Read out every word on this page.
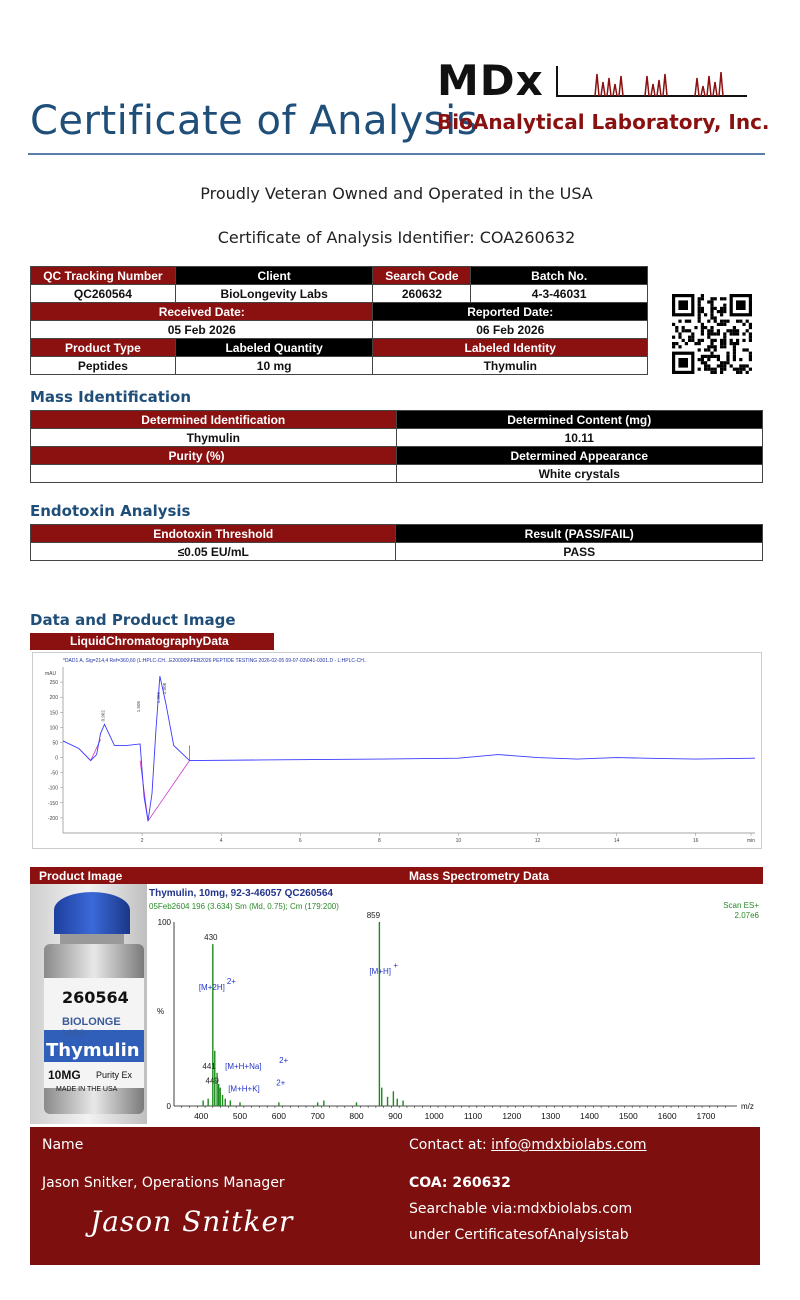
Certificate of Analysis
MDx
BioAnalytical Laboratory, Inc.
Proudly Veteran Owned and Operated in the USA
Certificate of Analysis Identifier: COA260632
QC Tracking Number	Client	Search Code	Batch No.
QC260564	BioLongevity Labs	260632	4-3-46031
Received Date:		Reported Date:	
05 Feb 2026		06 Feb 2026	
Product Type	Labeled Quantity	Labeled Identity	
Peptides	10 mg	Thymulin	
Mass Identification
Determined Identification	Determined Content (mg)
Thymulin	10.11
Purity (%) 99.71	Determined Appearance
	White crystals
Endotoxin Analysis
Endotoxin Threshold	Result (PASS/FAIL)
≤0.05 EU/mL	PASS
Data and Product Image
LiquidChromatographyData
*DAD1 A, Sig=214,4 Ref=360,60 (L:HPLC-CH...E200909\FEB2026 PEPTIDE TESTING 2026-02-05 09-07-03\041-0301.D - L:HPLC-CH..
mAU
250
200
150
100
50
0
-50
-100
-150
-200
2	4	6	8	10	12	14	16	min
0.962
1.505
1.806
2.008
Product Image	Mass Spectrometry Data
260564
BIOLONGE
LABS
Thymulin
10MG Purity Ex
MADE IN THE USA
Thymulin, 10mg, 92-3-46057 QC260564
05Feb2604 196 (3.634) Sm (Md, 0.75); Cm (179:200)	Scan ES+
2.07e6
100
0
%
400	500	600	700	800	900	1000 1100 1200 1300 1400 1500 1600 1700
m/z
430
[M+2H]
2+
859
[M+H]
+
441 [M+H+Na]
2+
449
[M+H+K]
2+
Name
Jason Snitker, Operations Manager
Jason Snitker
Contact at: info@mdxbiolabs.com
COA: 260632
Searchable via:mdxbiolabs.com
under CertificatesofAnalysistab
